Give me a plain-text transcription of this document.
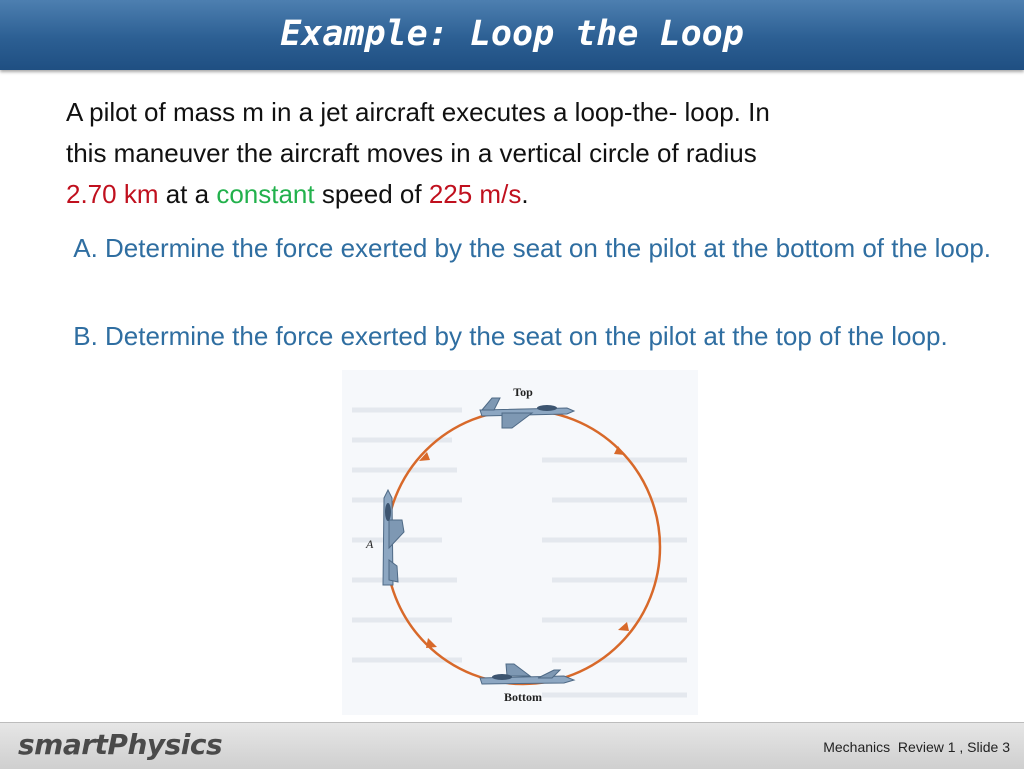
Example: Loop the Loop
A pilot of mass m in a jet aircraft executes a loop-the- loop. In
this maneuver the aircraft moves in a vertical circle of radius
2.70 km at a constant speed of 225 m/s.
A. Determine the force exerted by the seat on the pilot at the bottom of the loop.
B. Determine the force exerted by the seat on the pilot at the top of the loop.
Top
Bottom
A
smartPhysics	Mechanics  Review 1 , Slide 3
